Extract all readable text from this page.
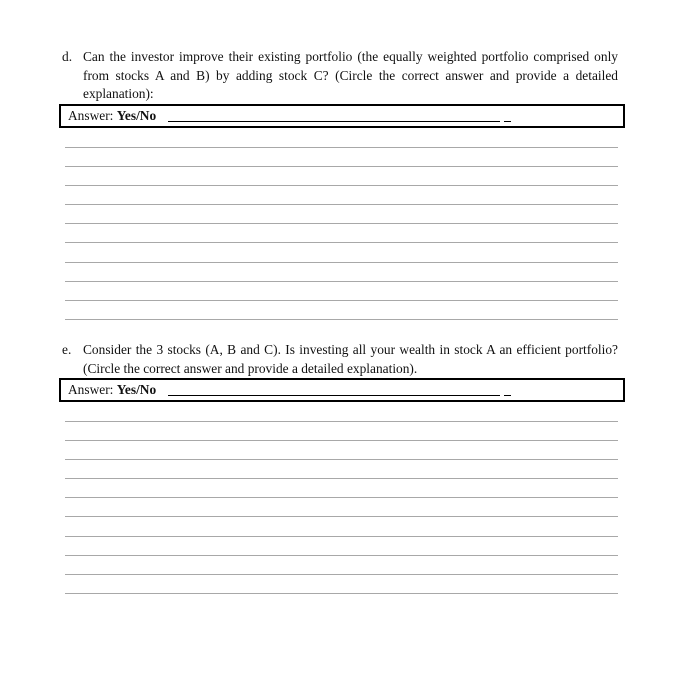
d. Can the investor improve their existing portfolio (the equally weighted portfolio comprised only from stocks A and B) by adding stock C? (Circle the correct answer and provide a detailed explanation):
Answer: Yes/No
e. Consider the 3 stocks (A, B and C). Is investing all your wealth in stock A an efficient portfolio? (Circle the correct answer and provide a detailed explanation).
Answer: Yes/No
